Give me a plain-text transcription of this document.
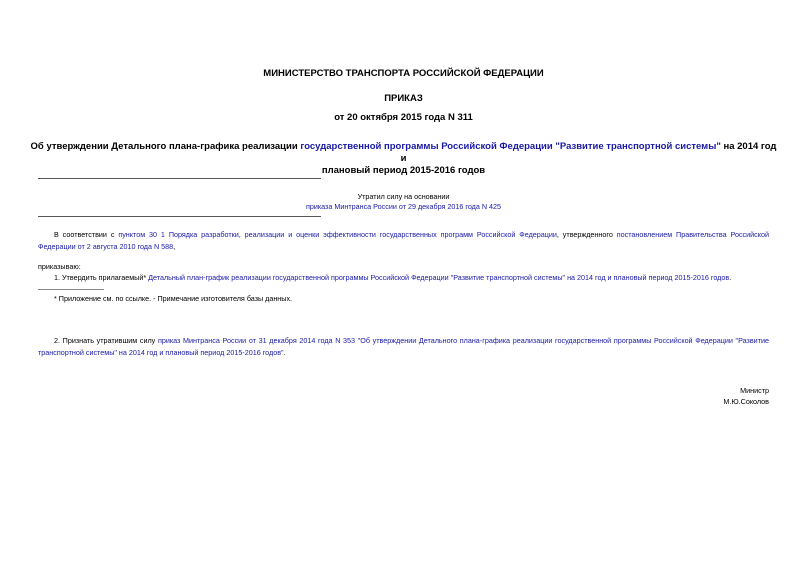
МИНИСТЕРСТВО ТРАНСПОРТА РОССИЙСКОЙ ФЕДЕРАЦИИ
ПРИКАЗ
от 20 октября 2015 года N 311
Об утверждении Детального плана-графика реализации государственной программы Российской Федерации "Развитие транспортной системы" на 2014 год и
плановый период 2015-2016 годов
Утратил силу на основании
приказа Минтранса России от 29 декабря 2016 года N 425
В соответствии с пунктом 30 1 Порядка разработки, реализации и оценки эффективности государственных программ Российской Федерации, утвержденного постановлением Правительства Российской Федерации от 2 августа 2010 года N 588,
приказываю:
1. Утвердить прилагаемый* Детальный план-график реализации государственной программы Российской Федерации "Развитие транспортной системы" на 2014 год и плановый период 2015-2016 годов.
* Приложение см. по ссылке. - Примечание изготовителя базы данных.
2. Признать утратившим силу приказ Минтранса России от 31 декабря 2014 года N 353 "Об утверждении Детального плана-графика реализации государственной программы Российской Федерации "Развитие транспортной системы" на 2014 год и плановый период 2015-2016 годов".
Министр
М.Ю.Соколов
